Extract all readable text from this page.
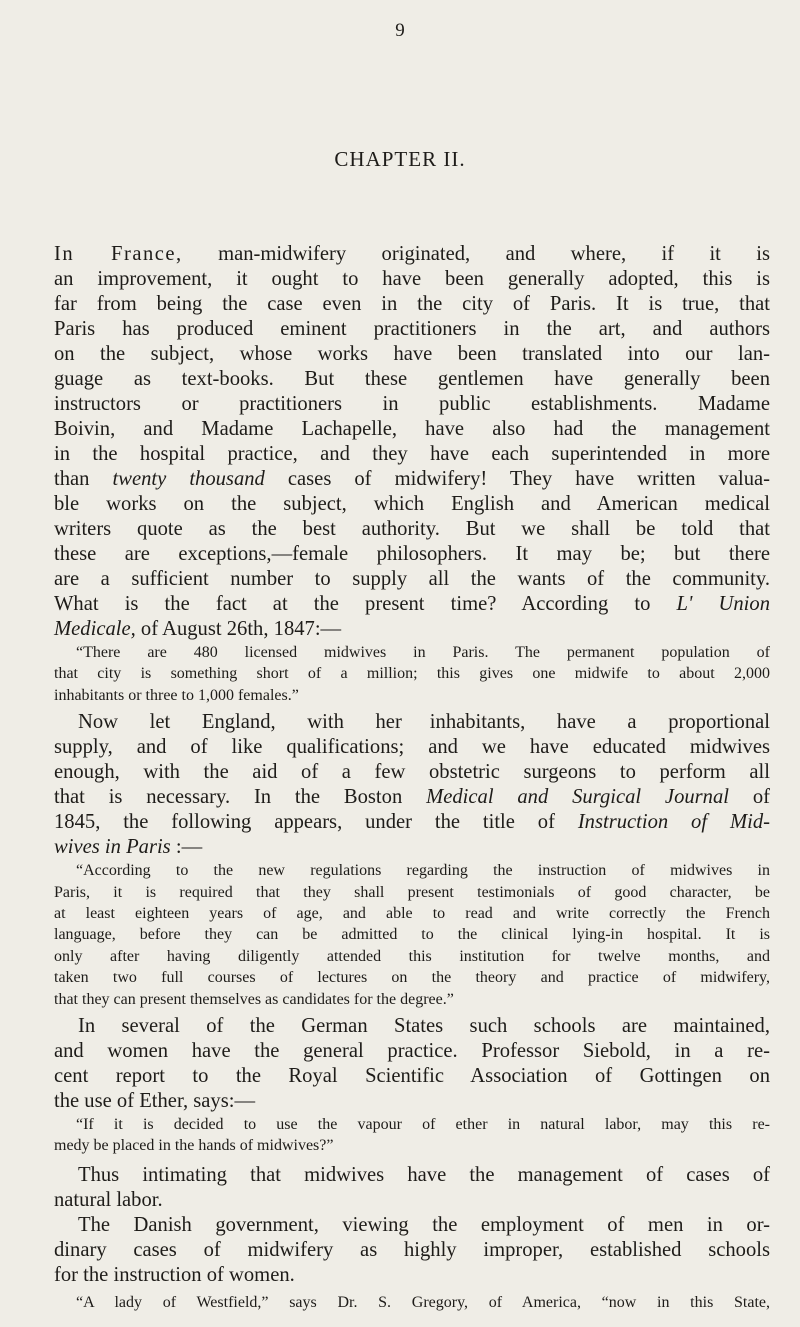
9
CHAPTER II.
In France, man-midwifery originated, and where, if it is
an improvement, it ought to have been generally adopted, this is
far from being the case even in the city of Paris. It is true, that
Paris has produced eminent practitioners in the art, and authors
on the subject, whose works have been translated into our lan-
guage as text-books. But these gentlemen have generally been
instructors or practitioners in public establishments. Madame
Boivin, and Madame Lachapelle, have also had the management
in the hospital practice, and they have each superintended in more
than twenty thousand cases of midwifery! They have written valua-
ble works on the subject, which English and American medical
writers quote as the best authority. But we shall be told that
these are exceptions,—female philosophers. It may be; but there
are a sufficient number to supply all the wants of the community.
What is the fact at the present time? According to L' Union
Medicale, of August 26th, 1847:—
“There are 480 licensed midwives in Paris. The permanent population of
that city is something short of a million; this gives one midwife to about 2,000
inhabitants or three to 1,000 females.”
Now let England, with her inhabitants, have a proportional
supply, and of like qualifications; and we have educated midwives
enough, with the aid of a few obstetric surgeons to perform all
that is necessary. In the Boston Medical and Surgical Journal of
1845, the following appears, under the title of Instruction of Mid-
wives in Paris :—
“According to the new regulations regarding the instruction of midwives in
Paris, it is required that they shall present testimonials of good character, be
at least eighteen years of age, and able to read and write correctly the French
language, before they can be admitted to the clinical lying-in hospital. It is
only after having diligently attended this institution for twelve months, and
taken two full courses of lectures on the theory and practice of midwifery,
that they can present themselves as candidates for the degree.”
In several of the German States such schools are maintained,
and women have the general practice. Professor Siebold, in a re-
cent report to the Royal Scientific Association of Gottingen on
the use of Ether, says:—
“If it is decided to use the vapour of ether in natural labor, may this re-
medy be placed in the hands of midwives?”
Thus intimating that midwives have the management of cases of
natural labor.
The Danish government, viewing the employment of men in or-
dinary cases of midwifery as highly improper, established schools
for the instruction of women.
“A lady of Westfield,” says Dr. S. Gregory, of America, “now in this State,
